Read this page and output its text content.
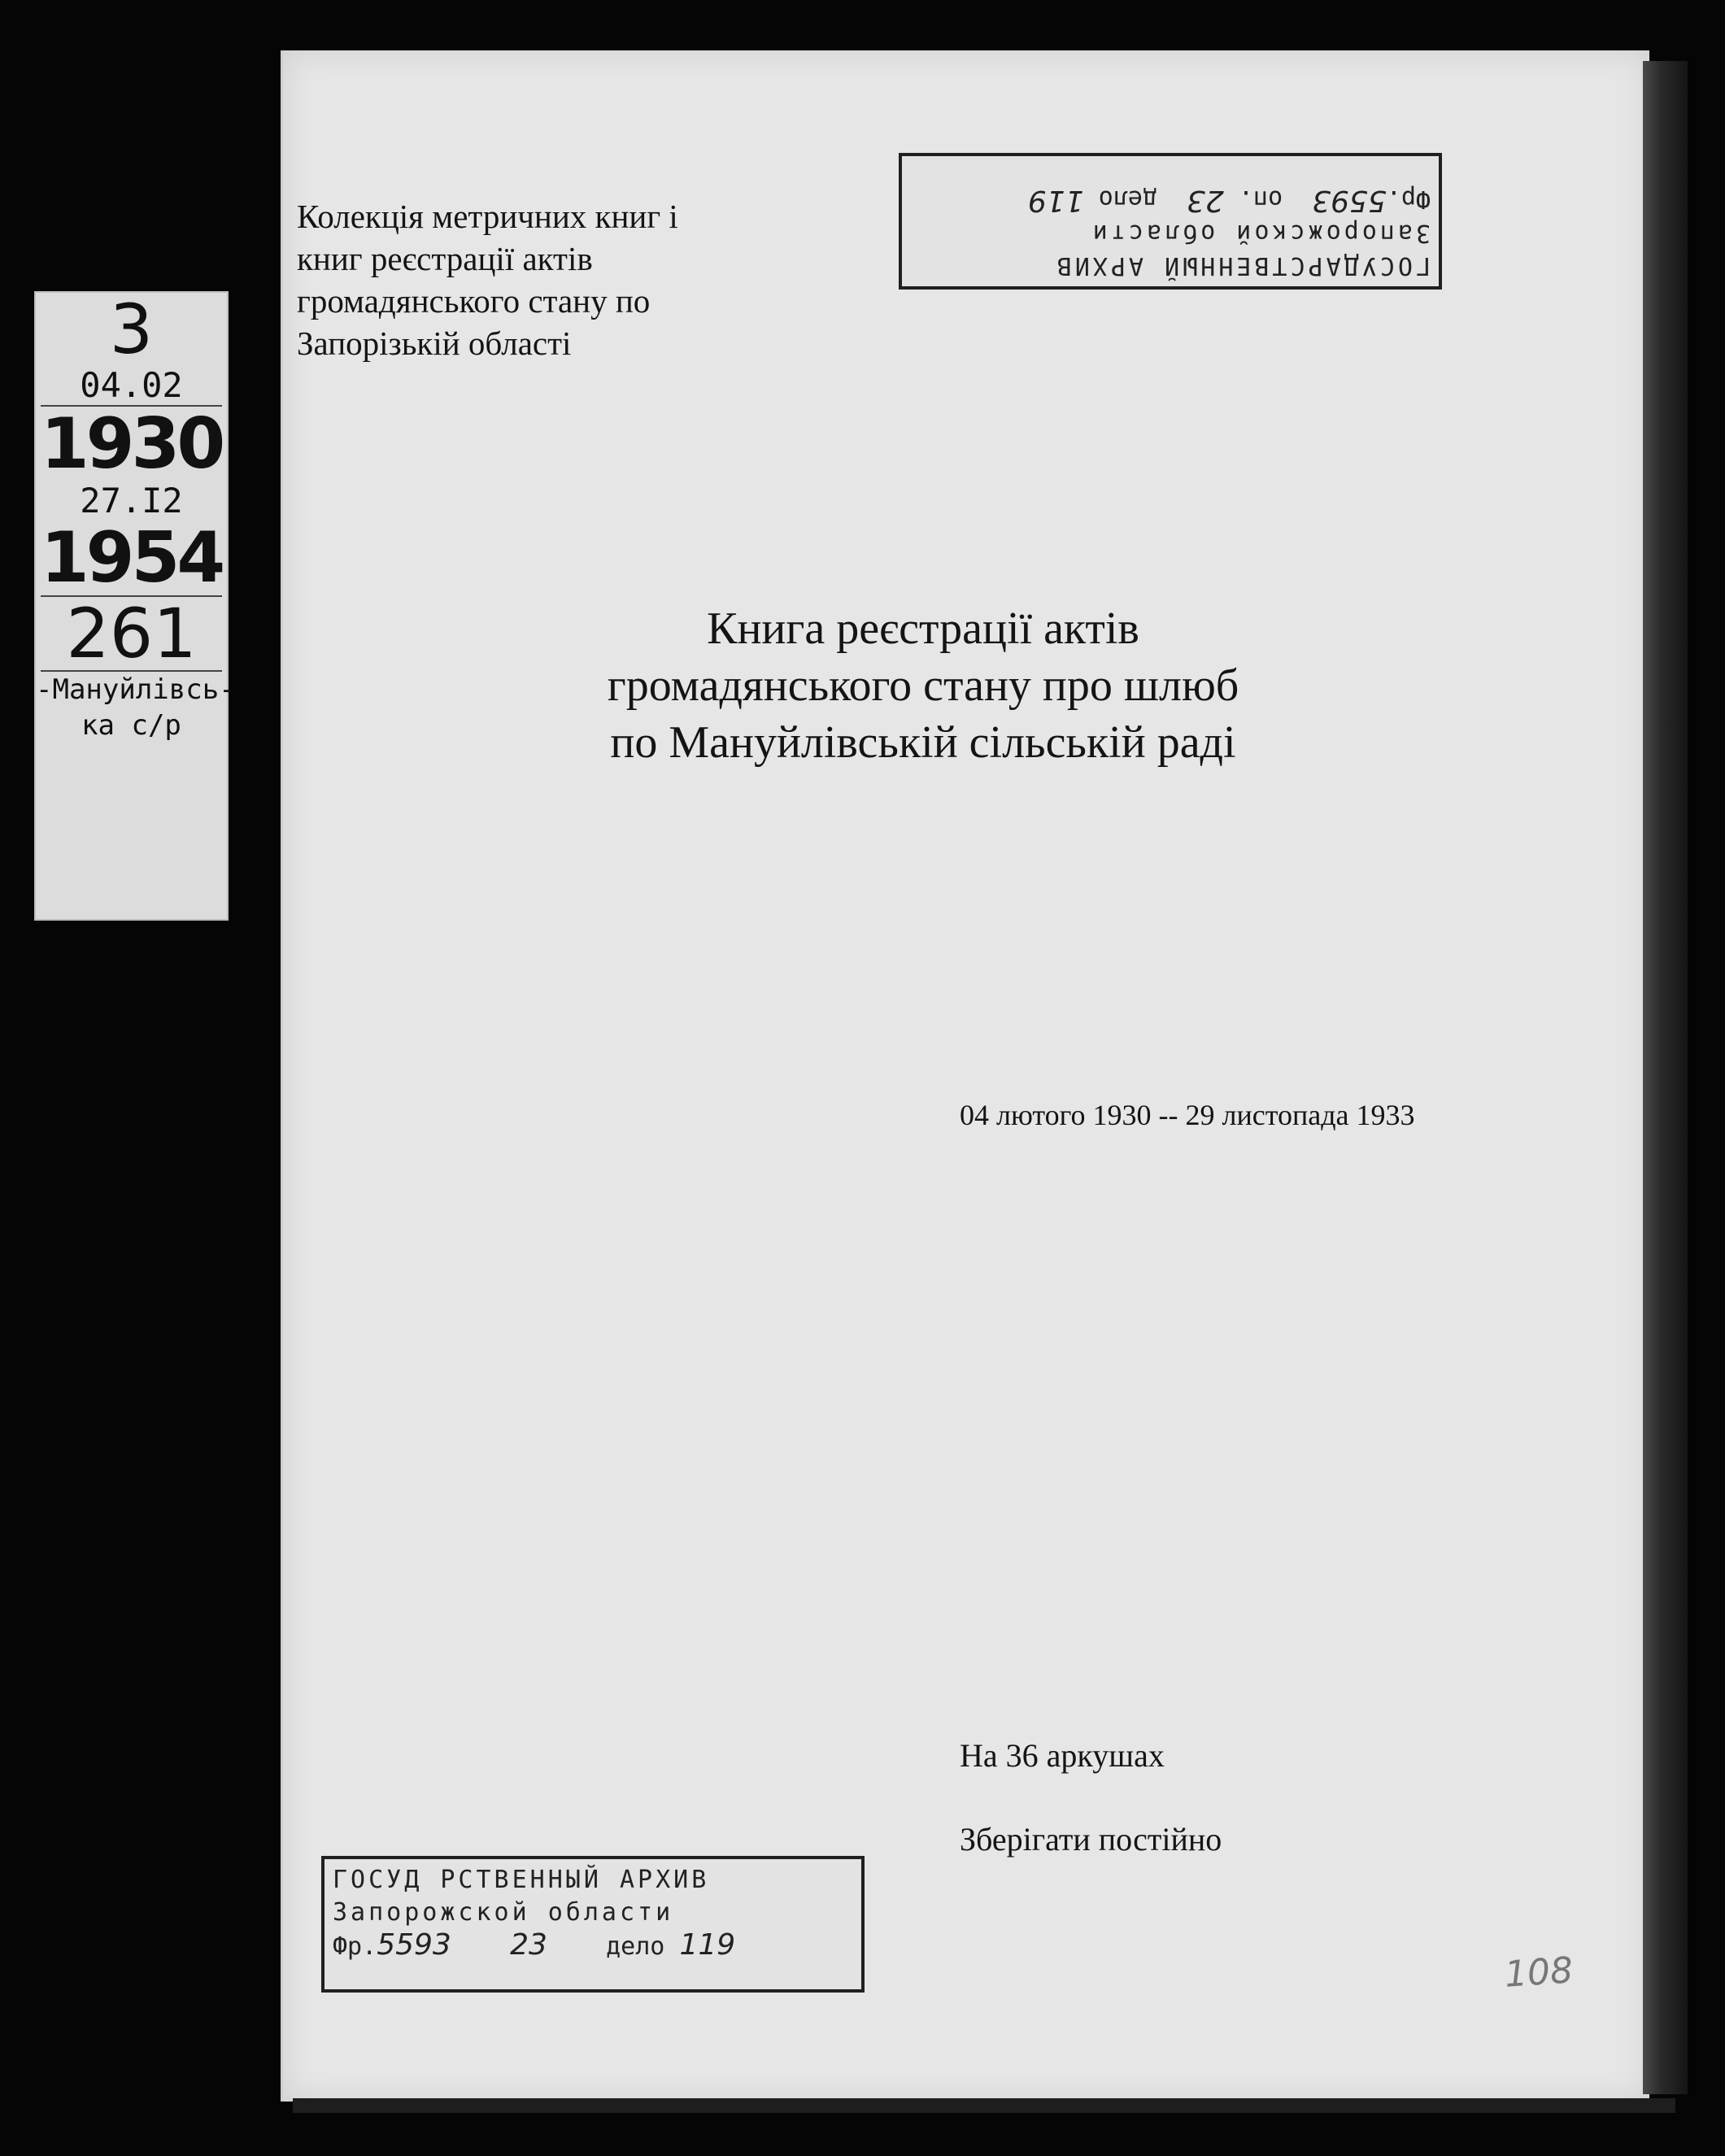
3
04.02
1930
27.I2
1954
261
-Мануйлівсь-
ка с/р
ГОСУДАРСТВЕННЫЙ АРХИВ
Запорожской области
Фр.5593  оп. 23  дело 119
Колекція метричних книг і
книг реєстрації актів
громадянського стану по
Запорізькій області
Книга реєстрації актів
громадянського стану про шлюб
по Мануйлівській сільській раді
04 лютого 1930 -- 29 листопада 1933
На 36 аркушах
Зберігати постійно
ГОСУД РСТВЕННЫЙ АРХИВ
Запорожской области
Фр.5593 23 дело 119
108
